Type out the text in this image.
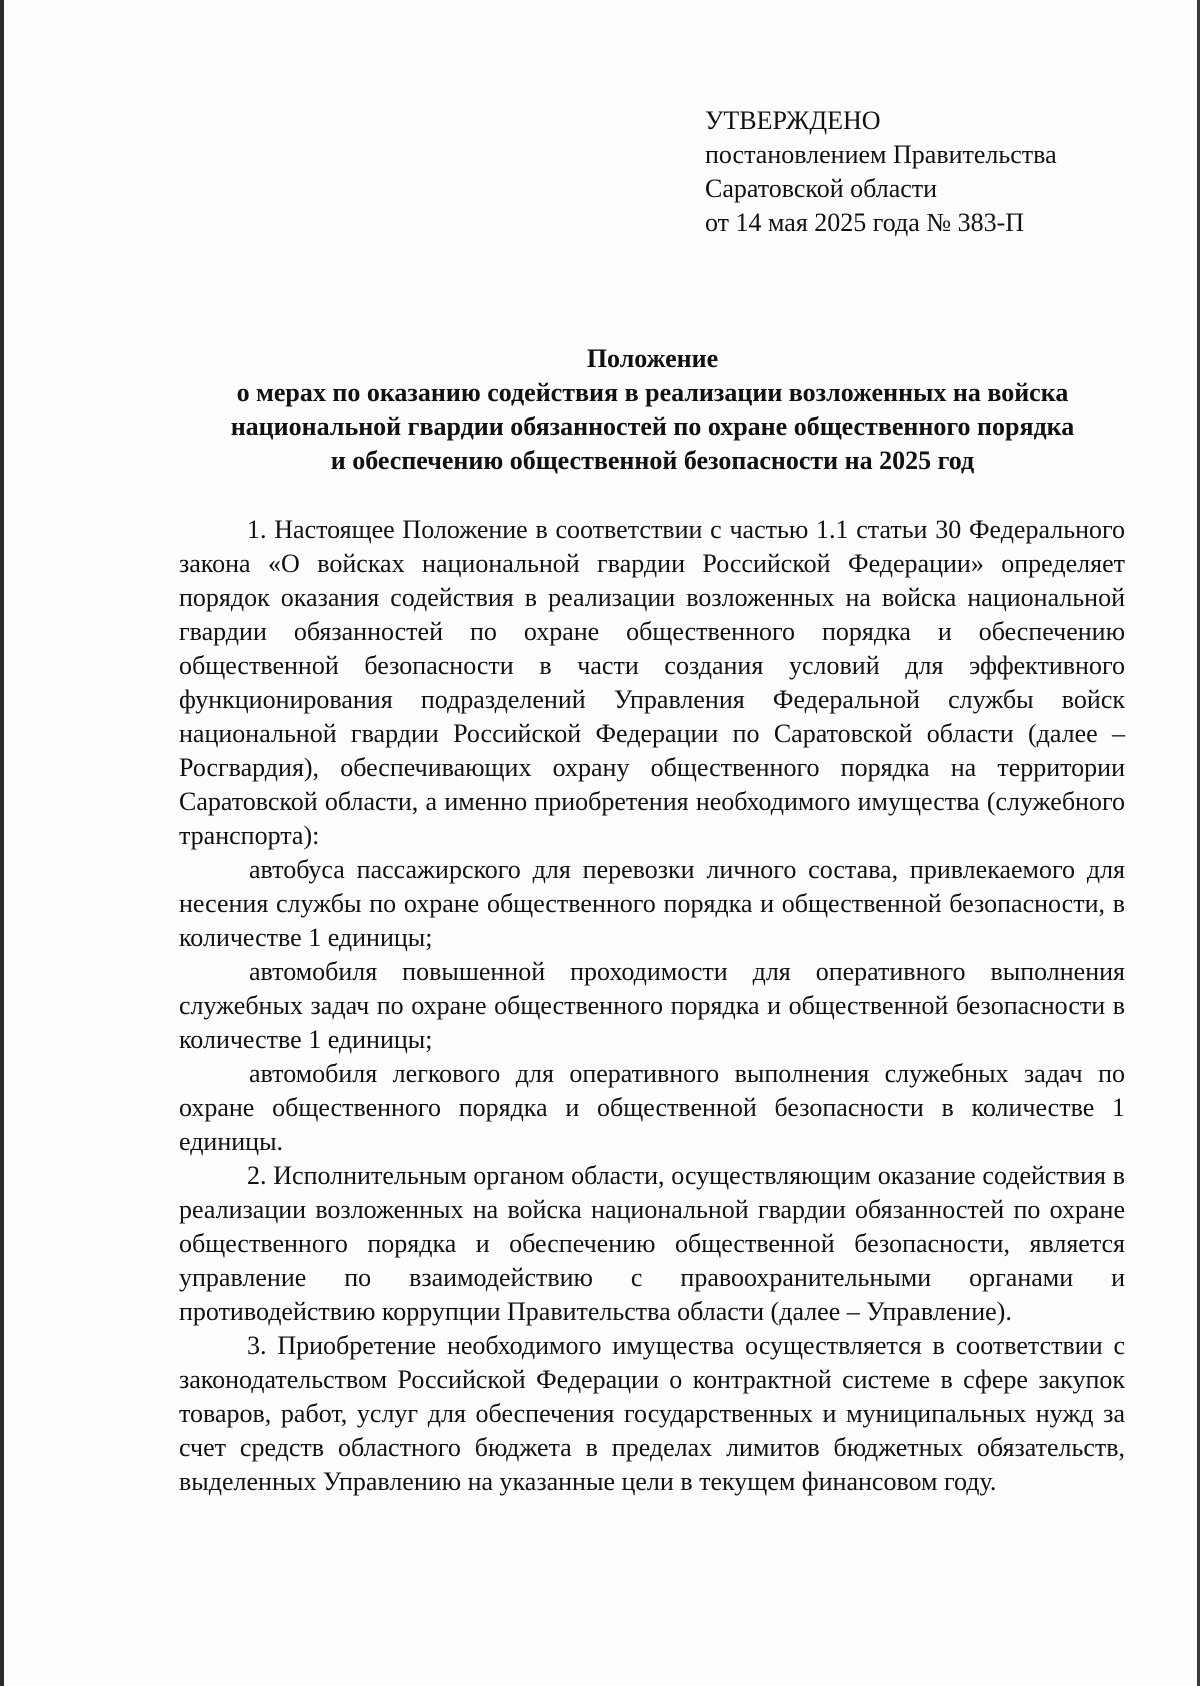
УТВЕРЖДЕНО
постановлением Правительства
Саратовской области
от 14 мая 2025 года № 383-П
Положение
о мерах по оказанию содействия в реализации возложенных на войска
национальной гвардии обязанностей по охране общественного порядка
и обеспечению общественной безопасности на 2025 год

1. Настоящее Положение в соответствии с частью 1.1 статьи 30 Федерального закона «О войсках национальной гвардии Российской Федерации» определяет порядок оказания содействия в реализации возложенных на войска национальной гвардии обязанностей по охране общественного порядка и обеспечению общественной безопасности в части создания условий для эффективного функционирования подразделений Управления Федеральной службы войск национальной гвардии Российской Федерации по Саратовской области (далее – Росгвардия), обеспечивающих охрану общественного порядка на территории Саратовской области, а именно приобретения необходимого имущества (служебного транспорта):

автобуса пассажирского для перевозки личного состава, привлекаемого для несения службы по охране общественного порядка и общественной безопасности, в количестве 1 единицы;

автомобиля повышенной проходимости для оперативного выполнения служебных задач по охране общественного порядка и общественной безопасности в количестве 1 единицы;

автомобиля легкового для оперативного выполнения служебных задач по охране общественного порядка и общественной безопасности в количестве 1 единицы.

2. Исполнительным органом области, осуществляющим оказание содействия в реализации возложенных на войска национальной гвардии обязанностей по охране общественного порядка и обеспечению общественной безопасности, является управление по взаимодействию с правоохранительными органами и противодействию коррупции Правительства области (далее – Управление).

3. Приобретение необходимого имущества осуществляется в соответствии с законодательством Российской Федерации о контрактной системе в сфере закупок товаров, работ, услуг для обеспечения государственных и муниципальных нужд за счет средств областного бюджета в пределах лимитов бюджетных обязательств, выделенных Управлению на указанные цели в текущем финансовом году.
